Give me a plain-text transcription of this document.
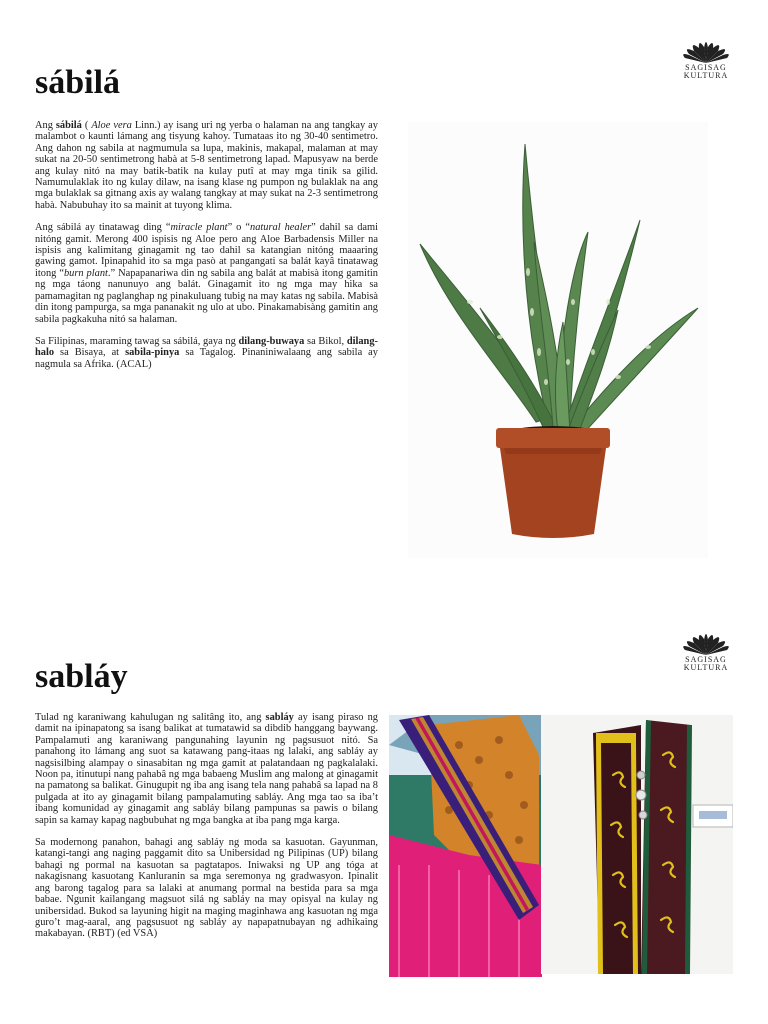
sábilá	SAGISAG
KULTURA

Ang sábilá ( Aloe vera Linn.) ay isang uri ng yerba o halaman na ang tangkay ay malambot o kaunti lámang ang tisyung kahoy. Tumataas ito ng 30-40 sentimetro. Ang dahon ng sabila at nagmumula sa lupa, makinis, makapal, malaman at may sukat na 20-50 sentimetrong habà at 5-8 sentimetrong lapad. Mapusyaw na berde ang kulay nitó na may batik-batik na kulay putî at may mga tinik sa gilid. Namumulaklak ito ng kulay dilaw, na isang klase ng pumpon ng bulaklak na ang mga bulaklak sa gitnang axis ay walang tangkay at may sukat na 2-3 sentimetrong habà. Nabubuhay ito sa mainit at tuyong klima.

Ang sábilá ay tinatawag ding “miracle plant” o “natural healer” dahil sa dami nitóng gamit. Merong 400 ispisis ng Aloe pero ang Aloe Barbadensis Miller na ispisis ang kalimitang ginagamit ng tao dahil sa katangian nitóng maaaring gawing gamot. Ipinapahid ito sa mga pasò at pangangati sa balát kayâ tinatawag itong “burn plant.” Napapanariwa din ng sabila ang balát at mabisà itong gamitin ng mga táong nanunuyo ang balát. Ginagamit ito ng mga may hika sa pamamagitan ng paglanghap ng pinakuluang tubig na may katas ng sabila. Mabisà din itong pampurga, sa mga pananakit ng ulo at ubo. Pinakamabisàng gamitin ang sabila pagkakuha nitó sa halaman.

Sa Filipinas, maraming tawag sa sábilá, gaya ng dilang-buwaya sa Bikol, dilang-halo sa Bisaya, at sabila-pinya sa Tagalog. Pinaniniwalaang ang sabila ay nagmula sa Afrika. (ACAL)

sabláy	SAGISAG
KULTURA

Tulad ng karaniwang kahulugan ng salitâng ito, ang sabláy ay isang piraso ng damit na ipinapatong sa isang balikat at tumatawid sa dibdib hanggang baywang. Pampalamuti ang karaniwang pangunahing layunin ng pagsusuot nitó. Sa panahong ito lámang ang suot sa katawang pang-itaas ng lalaki, ang sabláy ay nagsisilbing alampay o sinasabitan ng mga gamit at palatandaan ng pagkalalaki. Noon pa, itinutupi nang pahabâ ng mga babaeng Muslim ang malong at ginagamit na pamatong sa balikat. Ginugupit ng iba ang isang tela nang pahabâ sa lapad na 8 pulgada at ito ay ginagamit bilang pampalamuting sabláy. Ang mga tao sa iba’t ibang komunidad ay ginagamit ang sabláy bilang pampunas sa pawis o bilang sapin sa kamay kapag nagbubuhat ng mga bangka at iba pang mga karga.

Sa modernong panahon, bahagi ang sabláy ng moda sa kasuotan. Gayunman, katangi-tangi ang naging paggamit dito sa Unibersidad ng Pilipinas (UP) bilang bahagi ng pormal na kasuotan sa pagtatapos. Iniwaksi ng UP ang tóga at nakagisnang kasuotang Kanluranin sa mga seremonya ng gradwasyon. Ipinalit ang barong tagalog para sa lalaki at anumang pormal na bestida para sa mga babae. Ngunit kailangang magsuot silá ng sabláy na may opisyal na kulay ng unibersidad. Bukod sa layuning higit na maging maginhawa ang kasuotan ng mga guro’t mag-aaral, ang pagsusuot ng sabláy ay napapatnubayan ng adhikaing makabayan. (RBT) (ed VSA)
